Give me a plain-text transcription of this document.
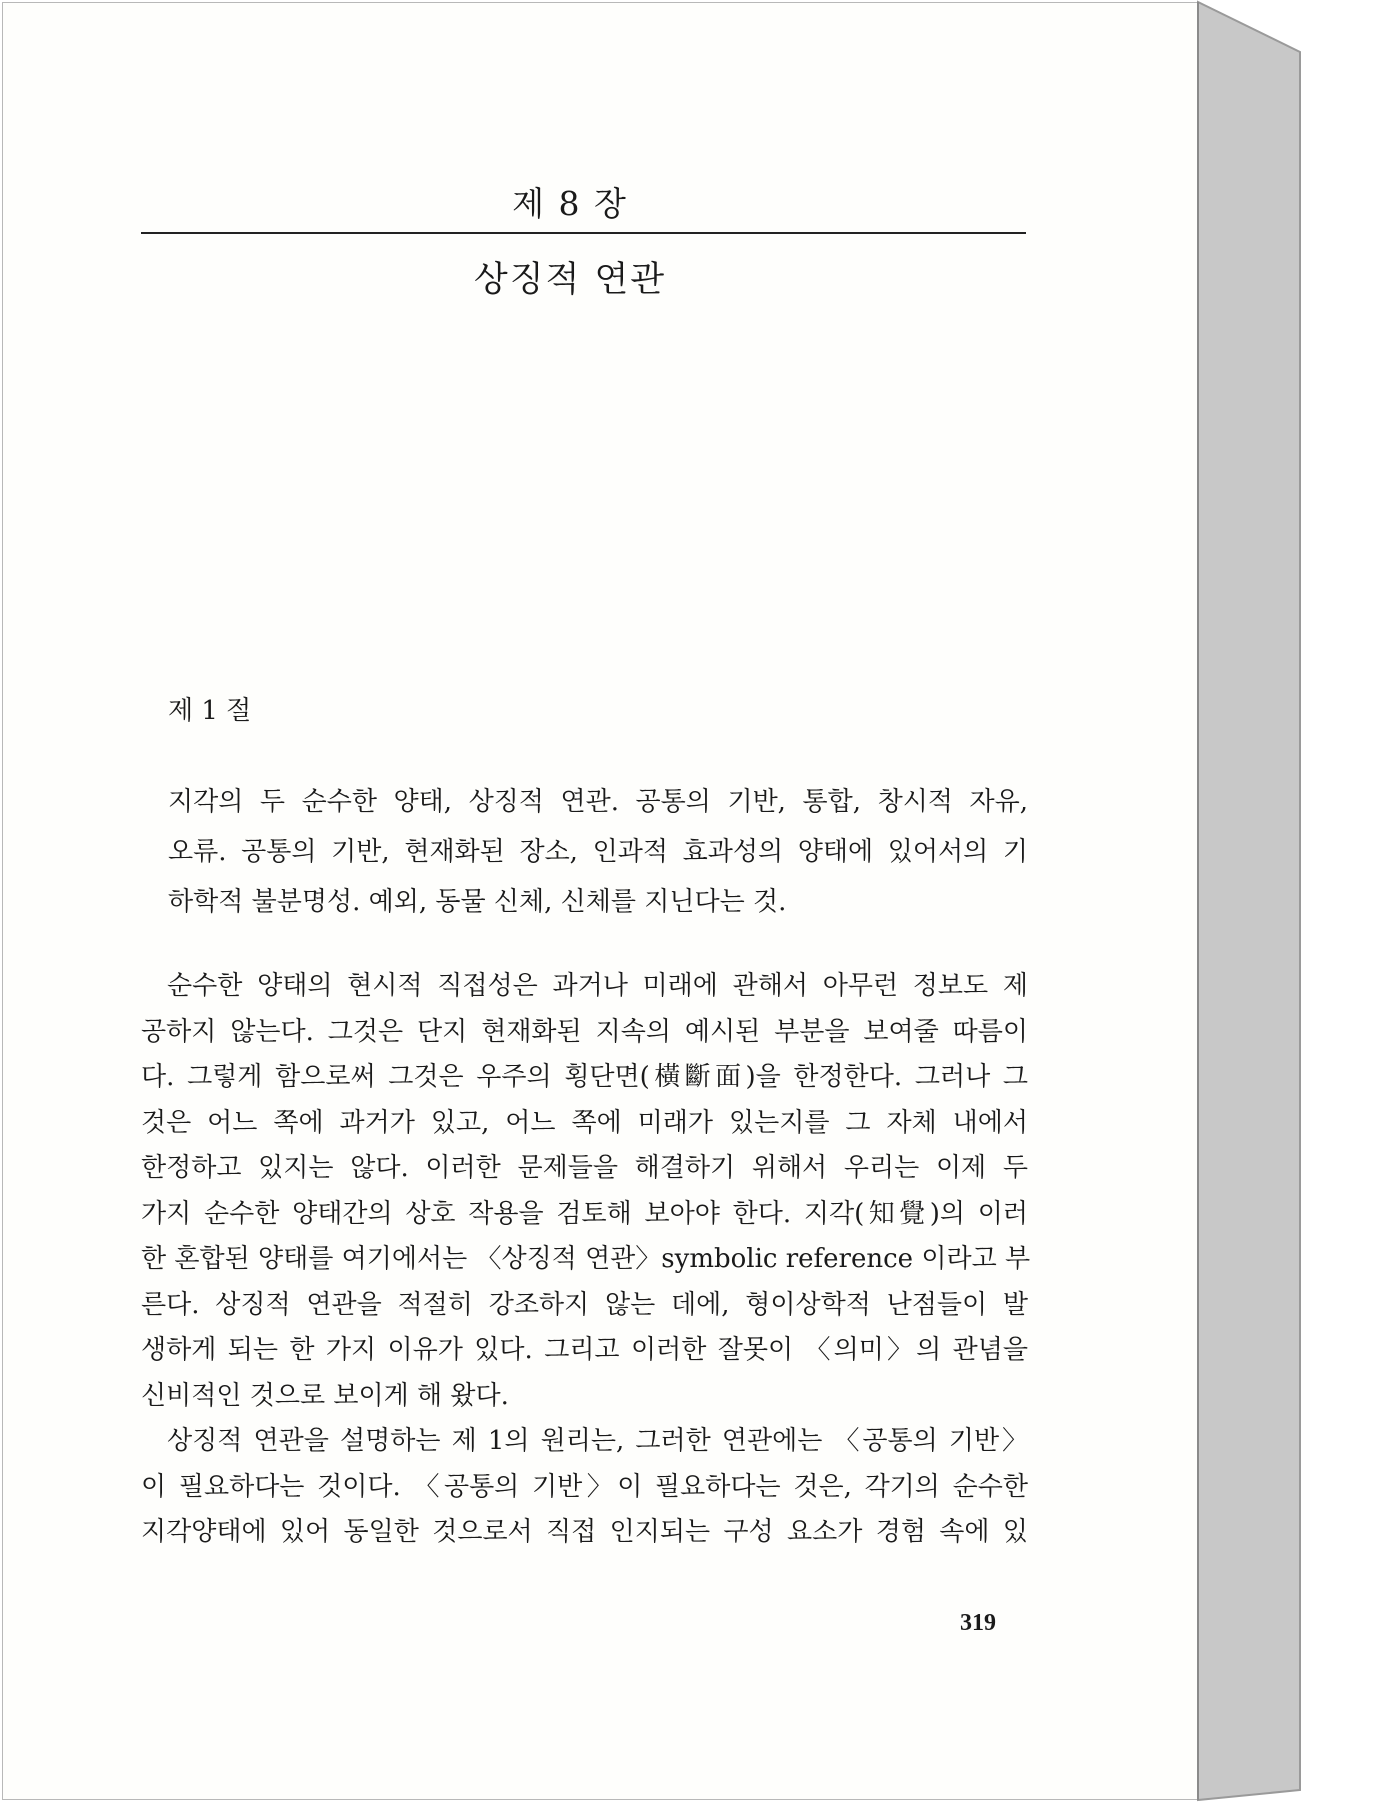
제 8 장
상징적 연관
제 1 절
지각의 두 순수한 양태, 상징적 연관. 공통의 기반, 통합, 창시적 자유,
오류. 공통의 기반, 현재화된 장소, 인과적 효과성의 양태에 있어서의 기
하학적 불분명성. 예외, 동물 신체, 신체를 지닌다는 것.
순수한 양태의 현시적 직접성은 과거나 미래에 관해서 아무런 정보도 제
공하지 않는다. 그것은 단지 현재화된 지속의 예시된 부분을 보여줄 따름이
다. 그렇게 함으로써 그것은 우주의 횡단면(橫斷面)을 한정한다. 그러나 그
것은 어느 쪽에 과거가 있고, 어느 쪽에 미래가 있는지를 그 자체 내에서
한정하고 있지는 않다. 이러한 문제들을 해결하기 위해서 우리는 이제 두
가지 순수한 양태간의 상호 작용을 검토해 보아야 한다. 지각(知覺)의 이러
한 혼합된 양태를 여기에서는 〈상징적 연관〉symbolic reference 이라고 부
른다. 상징적 연관을 적절히 강조하지 않는 데에, 형이상학적 난점들이 발
생하게 되는 한 가지 이유가 있다. 그리고 이러한 잘못이 〈의미〉의 관념을
신비적인 것으로 보이게 해 왔다.
상징적 연관을 설명하는 제 1의 원리는, 그러한 연관에는 〈공통의 기반〉
이 필요하다는 것이다. 〈공통의 기반〉이 필요하다는 것은, 각기의 순수한
지각양태에 있어 동일한 것으로서 직접 인지되는 구성 요소가 경험 속에 있
319
